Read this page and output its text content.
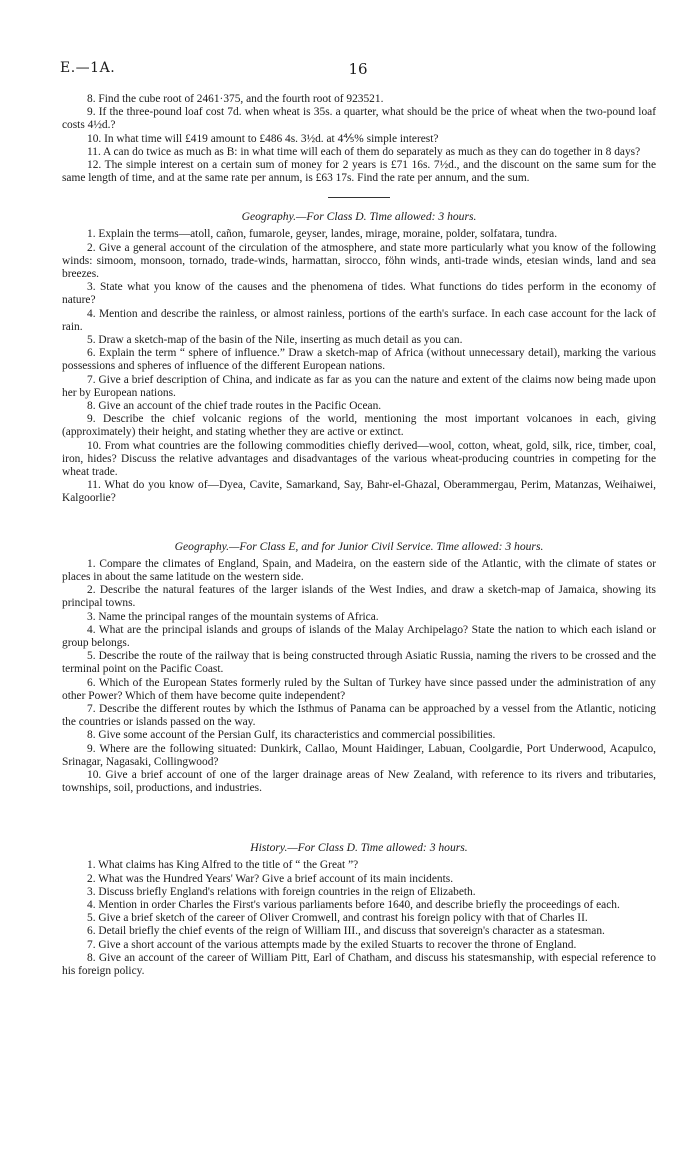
E.—1A.	16

8. Find the cube root of 2461·375, and the fourth root of 923521.

9. If the three-pound loaf cost 7d. when wheat is 35s. a quarter, what should be the price of wheat when the two-pound loaf costs 4½d.?

10. In what time will £419 amount to £486 4s. 3½d. at 4⅘% simple interest?

11. A can do twice as much as B: in what time will each of them do separately as much as they can do together in 8 days?

12. The simple interest on a certain sum of money for 2 years is £71 16s. 7½d., and the discount on the same sum for the same length of time, and at the same rate per annum, is £63 17s. Find the rate per annum, and the sum.

Geography.—For Class D. Time allowed: 3 hours.

1. Explain the terms—atoll, cañon, fumarole, geyser, landes, mirage, moraine, polder, solfatara, tundra.

2. Give a general account of the circulation of the atmosphere, and state more particularly what you know of the following winds: simoom, monsoon, tornado, trade-winds, harmattan, sirocco, föhn winds, anti-trade winds, etesian winds, land and sea breezes.

3. State what you know of the causes and the phenomena of tides. What functions do tides perform in the economy of nature?

4. Mention and describe the rainless, or almost rainless, portions of the earth's surface. In each case account for the lack of rain.

5. Draw a sketch-map of the basin of the Nile, inserting as much detail as you can.

6. Explain the term “ sphere of influence.” Draw a sketch-map of Africa (without unnecessary detail), marking the various possessions and spheres of influence of the different European nations.

7. Give a brief description of China, and indicate as far as you can the nature and extent of the claims now being made upon her by European nations.

8. Give an account of the chief trade routes in the Pacific Ocean.

9. Describe the chief volcanic regions of the world, mentioning the most important volcanoes in each, giving (approximately) their height, and stating whether they are active or extinct.

10. From what countries are the following commodities chiefly derived—wool, cotton, wheat, gold, silk, rice, timber, coal, iron, hides? Discuss the relative advantages and disadvantages of the various wheat-producing countries in competing for the wheat trade.

11. What do you know of—Dyea, Cavite, Samarkand, Say, Bahr-el-Ghazal, Oberammergau, Perim, Matanzas, Weihaiwei, Kalgoorlie?

Geography.—For Class E, and for Junior Civil Service. Time allowed: 3 hours.

1. Compare the climates of England, Spain, and Madeira, on the eastern side of the Atlantic, with the climate of states or places in about the same latitude on the western side.

2. Describe the natural features of the larger islands of the West Indies, and draw a sketch-map of Jamaica, showing its principal towns.

3. Name the principal ranges of the mountain systems of Africa.

4. What are the principal islands and groups of islands of the Malay Archipelago? State the nation to which each island or group belongs.

5. Describe the route of the railway that is being constructed through Asiatic Russia, naming the rivers to be crossed and the terminal point on the Pacific Coast.

6. Which of the European States formerly ruled by the Sultan of Turkey have since passed under the administration of any other Power? Which of them have become quite independent?

7. Describe the different routes by which the Isthmus of Panama can be approached by a vessel from the Atlantic, noticing the countries or islands passed on the way.

8. Give some account of the Persian Gulf, its characteristics and commercial possibilities.

9. Where are the following situated: Dunkirk, Callao, Mount Haidinger, Labuan, Coolgardie, Port Underwood, Acapulco, Srinagar, Nagasaki, Collingwood?

10. Give a brief account of one of the larger drainage areas of New Zealand, with reference to its rivers and tributaries, townships, soil, productions, and industries.

History.—For Class D. Time allowed: 3 hours.

1. What claims has King Alfred to the title of “ the Great ”?

2. What was the Hundred Years' War? Give a brief account of its main incidents.

3. Discuss briefly England's relations with foreign countries in the reign of Elizabeth.

4. Mention in order Charles the First's various parliaments before 1640, and describe briefly the proceedings of each.

5. Give a brief sketch of the career of Oliver Cromwell, and contrast his foreign policy with that of Charles II.

6. Detail briefly the chief events of the reign of William III., and discuss that sovereign's character as a statesman.

7. Give a short account of the various attempts made by the exiled Stuarts to recover the throne of England.

8. Give an account of the career of William Pitt, Earl of Chatham, and discuss his statesmanship, with especial reference to his foreign policy.
